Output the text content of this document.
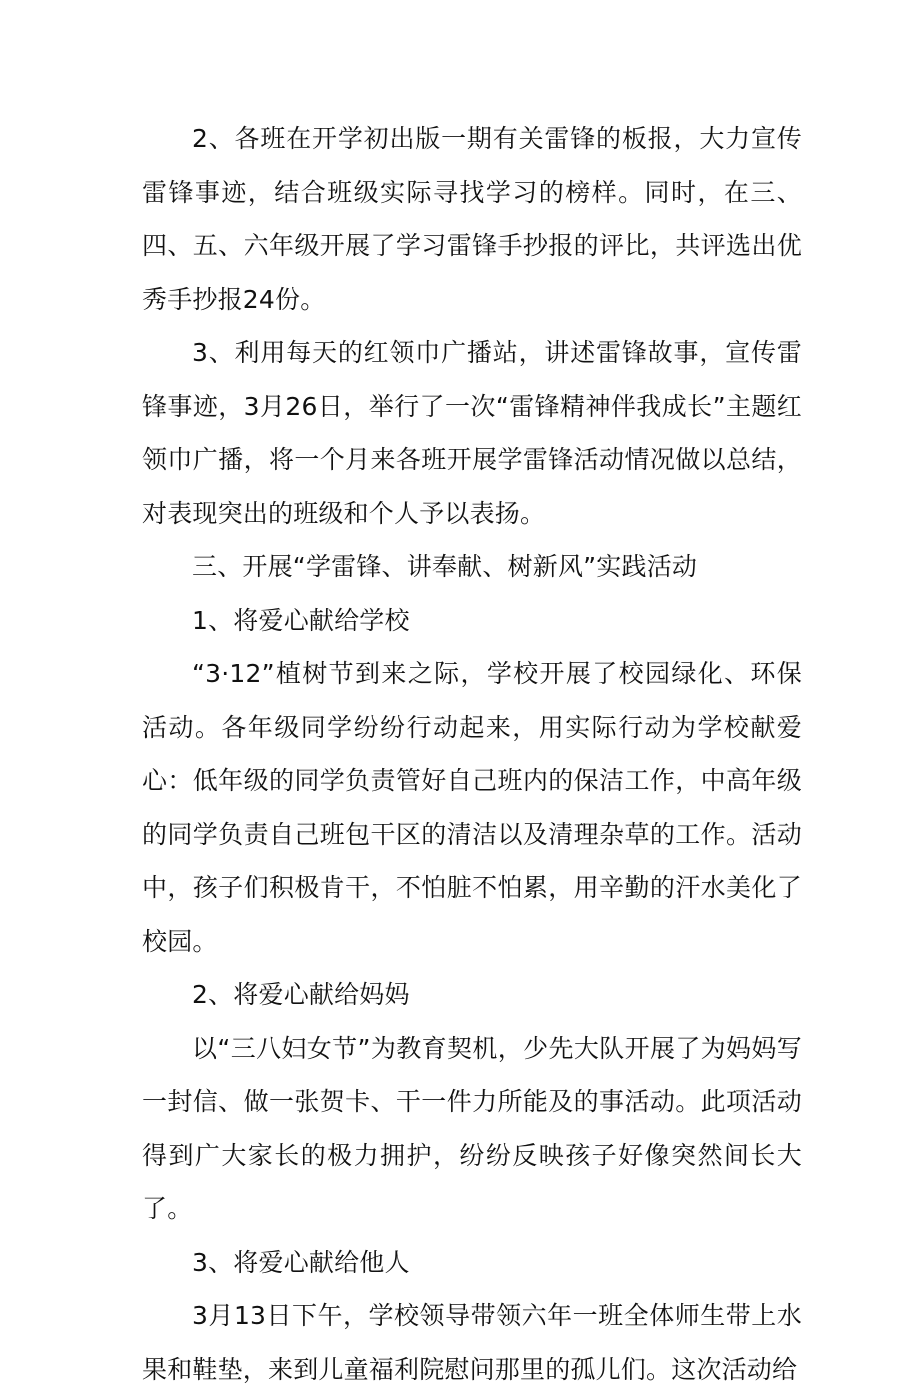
2、各班在开学初出版一期有关雷锋的板报，大力宣传雷锋事迹，结合班级实际寻找学习的榜样。同时，在三、四、五、六年级开展了学习雷锋手抄报的评比，共评选出优秀手抄报24份。

3、利用每天的红领巾广播站，讲述雷锋故事，宣传雷锋事迹，3月26日，举行了一次“雷锋精神伴我成长”主题红领巾广播，将一个月来各班开展学雷锋活动情况做以总结，对表现突出的班级和个人予以表扬。

三、开展“学雷锋、讲奉献、树新风”实践活动

1、将爱心献给学校

“3·12”植树节到来之际，学校开展了校园绿化、环保活动。各年级同学纷纷行动起来，用实际行动为学校献爱心：低年级的同学负责管好自己班内的保洁工作，中高年级的同学负责自己班包干区的清洁以及清理杂草的工作。活动中，孩子们积极肯干，不怕脏不怕累，用辛勤的汗水美化了校园。

2、将爱心献给妈妈

以“三八妇女节”为教育契机，少先大队开展了为妈妈写一封信、做一张贺卡、干一件力所能及的事活动。此项活动得到广大家长的极力拥护，纷纷反映孩子好像突然间长大了。

3、将爱心献给他人

3月13日下午，学校领导带领六年一班全体师生带上水果和鞋垫，来到儿童福利院慰问那里的孤儿们。这次活动给
